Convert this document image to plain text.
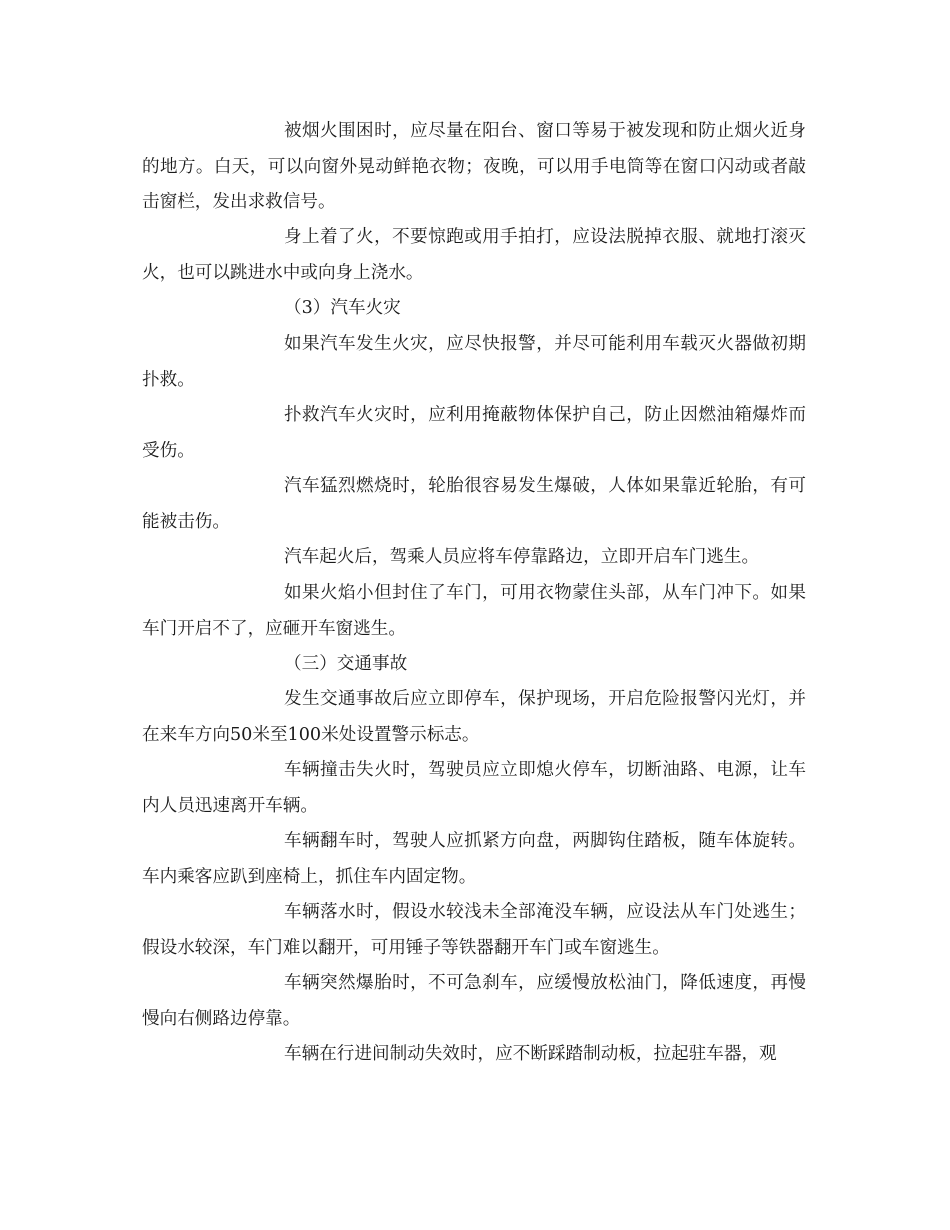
被烟火围困时，应尽量在阳台、窗口等易于被发现和防止烟火近身的地方。白天，可以向窗外晃动鲜艳衣物；夜晚，可以用手电筒等在窗口闪动或者敲击窗栏，发出求救信号。

身上着了火，不要惊跑或用手拍打，应设法脱掉衣服、就地打滚灭火，也可以跳进水中或向身上浇水。

（3）汽车火灾

如果汽车发生火灾，应尽快报警，并尽可能利用车载灭火器做初期扑救。

扑救汽车火灾时，应利用掩蔽物体保护自己，防止因燃油箱爆炸而受伤。

汽车猛烈燃烧时，轮胎很容易发生爆破，人体如果靠近轮胎，有可能被击伤。

汽车起火后，驾乘人员应将车停靠路边，立即开启车门逃生。

如果火焰小但封住了车门，可用衣物蒙住头部，从车门冲下。如果车门开启不了，应砸开车窗逃生。

（三）交通事故

发生交通事故后应立即停车，保护现场，开启危险报警闪光灯，并在来车方向50米至100米处设置警示标志。

车辆撞击失火时，驾驶员应立即熄火停车，切断油路、电源，让车内人员迅速离开车辆。

车辆翻车时，驾驶人应抓紧方向盘，两脚钩住踏板，随车体旋转。车内乘客应趴到座椅上，抓住车内固定物。

车辆落水时，假设水较浅未全部淹没车辆，应设法从车门处逃生；假设水较深，车门难以翻开，可用锤子等铁器翻开车门或车窗逃生。

车辆突然爆胎时，不可急刹车，应缓慢放松油门，降低速度，再慢慢向右侧路边停靠。

车辆在行进间制动失效时，应不断踩踏制动板，拉起驻车器，观
